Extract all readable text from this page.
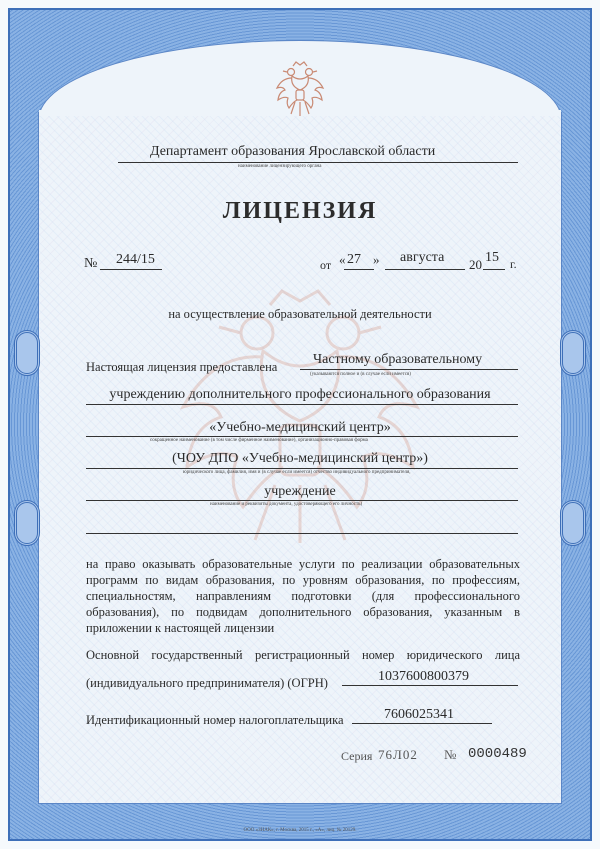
Департамент образования Ярославской области
наименование лицензирующего органа
ЛИЦЕНЗИЯ
№ 244/15	от « 27 » августа 20 15 г.
на осуществление образовательной деятельности
Настоящая лицензия предоставлена	Частному образовательному
(указываются полное и (в случае если имеется)
учреждению дополнительного профессионального образования
«Учебно-медицинский центр»
сокращенное наименование (в том числе фирменное наименование), организационно-правовая форма
(ЧОУ ДПО «Учебно-медицинский центр»)
юридического лица, фамилия, имя и (в случае если имеется) отчество индивидуального предпринимателя,
учреждение
наименование и реквизиты документа, удостоверяющего его личность)
на право оказывать образовательные услуги по реализации образовательных программ по видам образования, по уровням образования, по профессиям, специальностям, направлениям подготовки (для профессионального образования), по подвидам дополнительного образования, указанным в приложении к настоящей лицензии
Основной государственный регистрационный номер юридического лица
(индивидуального предпринимателя) (ОГРН)	1037600800379
Идентификационный номер налогоплательщика	7606025341
Серия 76Л02 № 0000489
ООО «ЗНАК», г. Москва, 2015 г., «А», лиц. № 20129.
